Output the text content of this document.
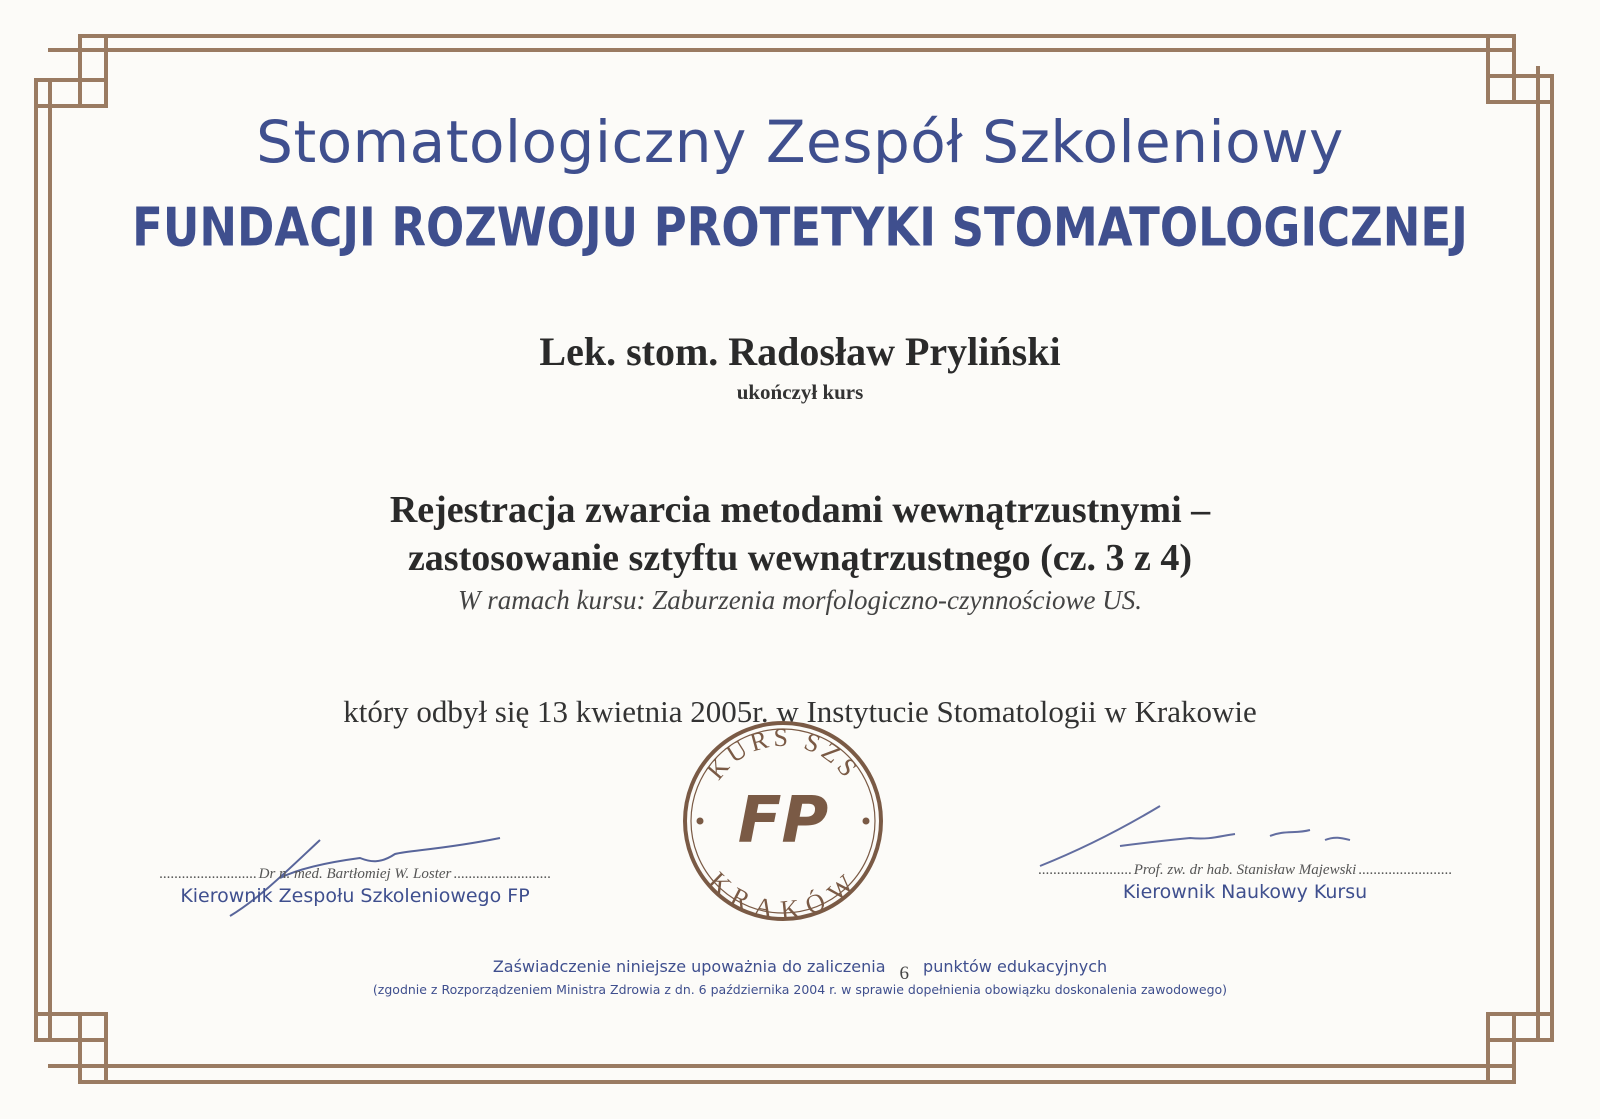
Stomatologiczny Zespół Szkoleniowy
FUNDACJI ROZWOJU PROTETYKI STOMATOLOGICZNEJ

Lek. stom. Radosław Pryliński

ukończył kurs

Rejestracja zwarcia metodami wewnątrzustnymi –

zastosowanie sztyftu wewnątrzustnego (cz. 3 z 4)

W ramach kursu: Zaburzenia morfologiczno-czynnościowe US.

który odbył się 13 kwietnia 2005r. w Instytucie Stomatologii w Krakowie

KURS SZS
KRAKÓW
FP
.......................... Dr n. med. Bartłomiej W. Loster ..........................
Kierownik Zespołu Szkoleniowego FP
......................... Prof. zw. dr hab. Stanisław Majewski .........................
Kierownik Naukowy Kursu

Zaświadczenie niniejsze upoważnia do zaliczenia 6 punktów edukacyjnych

(zgodnie z Rozporządzeniem Ministra Zdrowia z dn. 6 października 2004 r. w sprawie dopełnienia obowiązku doskonalenia zawodowego)
